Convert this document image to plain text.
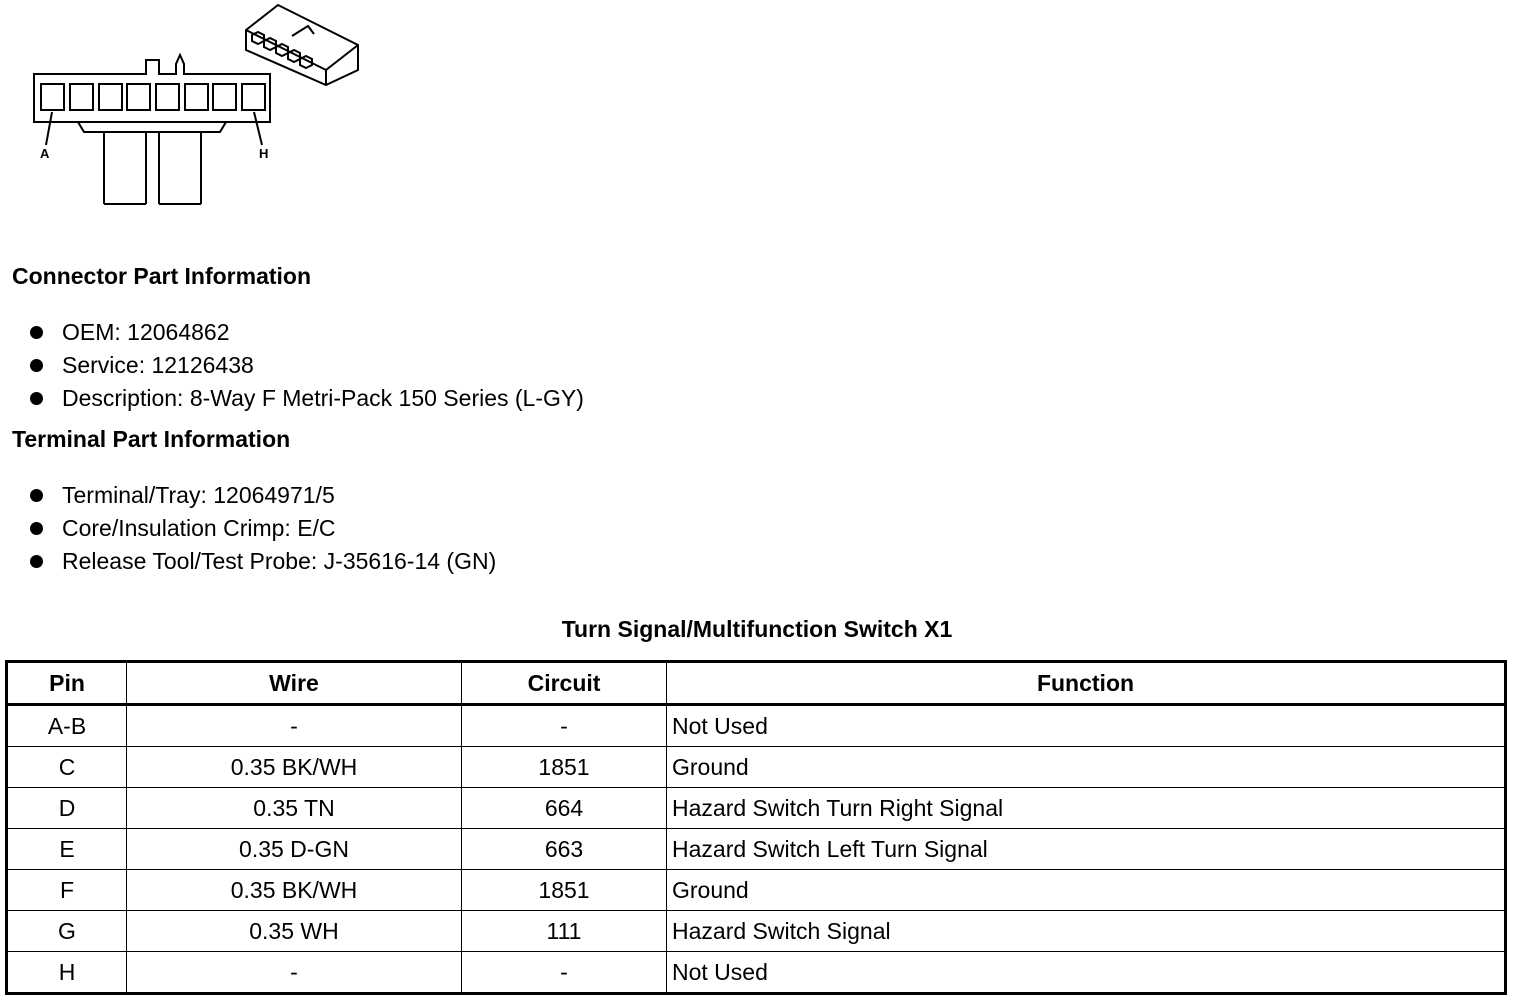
A	H
Connector Part Information
OEM: 12064862
Service: 12126438
Description: 8-Way F Metri-Pack 150 Series (L-GY)
Terminal Part Information
Terminal/Tray: 12064971/5
Core/Insulation Crimp: E/C
Release Tool/Test Probe: J-35616-14 (GN)
Turn Signal/Multifunction Switch X1
Pin	Wire	Circuit	Function
A-B	-	-	Not Used
C	0.35 BK/WH	1851	Ground
D	0.35 TN	664	Hazard Switch Turn Right Signal
E	0.35 D-GN	663	Hazard Switch Left Turn Signal
F	0.35 BK/WH	1851	Ground
G	0.35 WH	111	Hazard Switch Signal
H	-	-	Not Used
